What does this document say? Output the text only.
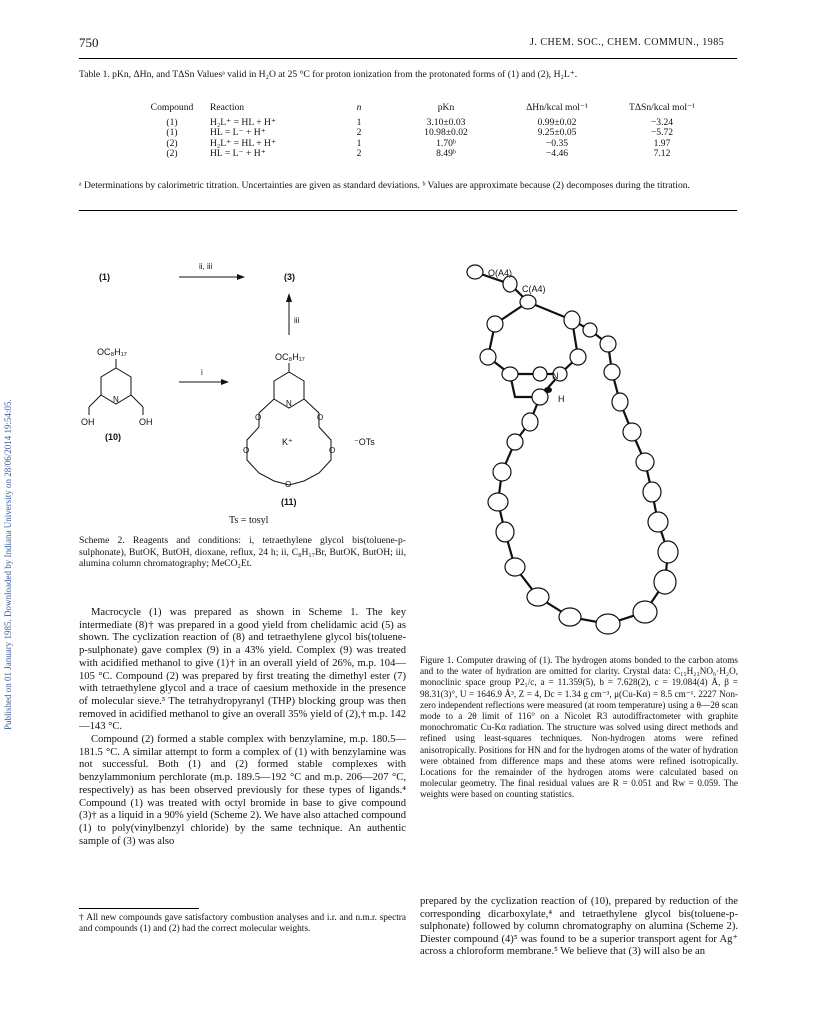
750	J. CHEM. SOC., CHEM. COMMUN., 1985
Table 1. pKn, ΔHn, and TΔSn Valuesᵃ valid in H₂O at 25 °C for proton ionization from the protonated forms of (1) and (2), H₂L⁺.
Compound	Reaction	n	pKn	ΔHn/kcal mol⁻¹	TΔSn/kcal mol⁻¹
(1)	H₂L⁺ = HL + H⁺	1	3.10±0.03	0.99±0.02	−3.24
(1)	HL = L⁻ + H⁺	2	10.98±0.02	9.25±0.05	−5.72
(2)	H₂L⁺ = HL + H⁺	1	1.70ᵇ	−0.35	1.97
(2)	HL = L⁻ + H⁺	2	8.49ᵇ	−4.46	7.12
ᵃ Determinations by calorimetric titration. Uncertainties are given as standard deviations. ᵇ Values are approximate because (2) decomposes during the titration.
Published on 01 January 1985. Downloaded by Indiana University on 28/06/2014 19:54:05.
(1)
ii, iii
(3)
iii
OC₈H₁₇
N
OH	OH
(10)
i
OC₈H₁₇
N
O	O
O	O
O
K⁺	⁻OTs
(11)
Ts = tosyl
Scheme 2. Reagents and conditions: i, tetraethylene glycol bis(toluene-p-sulphonate), ButOK, ButOH, dioxane, reflux, 24 h; ii, C₈H₁₇Br, ButOK, ButOH; iii, alumina column chromatography; MeCO₂Et.

Macrocycle (1) was prepared as shown in Scheme 1. The key intermediate (8)† was prepared in a good yield from chelidamic acid (5) as shown. The cyclization reaction of (8) and tetraethylene glycol bis(toluene-p-sulphonate) gave complex (9) in a 43% yield. Complex (9) was treated with acidified methanol to give (1)† in an overall yield of 26%, m.p. 104—105 °C. Compound (2) was prepared by first treating the dimethyl ester (7) with tetraethylene glycol and a trace of caesium methoxide in the presence of molecular sieve.³ The tetrahydropyranyl (THP) blocking group was then removed in acidified methanol to give an overall 35% yield of (2),† m.p. 142—143 °C.

Compound (2) formed a stable complex with benzylamine, m.p. 180.5—181.5 °C. A similar attempt to form a complex of (1) with benzylamine was not successful. Both (1) and (2) formed stable complexes with benzylammonium perchlorate (m.p. 189.5—192 °C and m.p. 206—207 °C, respectively) as has been observed previously for these types of ligands.⁴ Compound (1) was treated with octyl bromide in base to give compound (3)† as a liquid in a 90% yield (Scheme 2). We have also attached compound (1) to poly(vinylbenzyl chloride) by the same technique. An authentic sample of (3) was also

† All new compounds gave satisfactory combustion analyses and i.r. and n.m.r. spectra and compounds (1) and (2) had the correct molecular weights.
O(A4)
C(A4)
N
H
Figure 1. Computer drawing of (1). The hydrogen atoms bonded to the carbon atoms and to the water of hydration are omitted for clarity. Crystal data: C₁₅H₂₃NO₆·H₂O, monoclinic space group P2₁/c, a = 11.359(5), b = 7.628(2), c = 19.084(4) Å, β = 98.31(3)°, U = 1646.9 Å³, Z = 4, Dc = 1.34 g cm⁻³, μ(Cu-Kα) = 8.5 cm⁻¹. 2227 Non-zero independent reflections were measured (at room temperature) using a θ—2θ scan mode to a 2θ limit of 116° on a Nicolet R3 autodiffractometer with graphite monochromatic Cu-Kα radiation. The structure was solved using direct methods and refined using least-squares techniques. Non-hydrogen atoms were refined anisotropically. Positions for HN and for the hydrogen atoms of the water of hydration were obtained from difference maps and these atoms were refined isotropically. Locations for the remainder of the hydrogen atoms were calculated based on molecular geometry. The final residual values are R = 0.051 and Rw = 0.059. The weights were based on counting statistics.
prepared by the cyclization reaction of (10), prepared by reduction of the corresponding dicarboxylate,⁴ and tetraethylene glycol bis(toluene-p-sulphonate) followed by column chromatography on alumina (Scheme 2). Diester compound (4)⁵ was found to be a superior transport agent for Ag⁺ across a chloroform membrane.⁵ We believe that (3) will also be an
